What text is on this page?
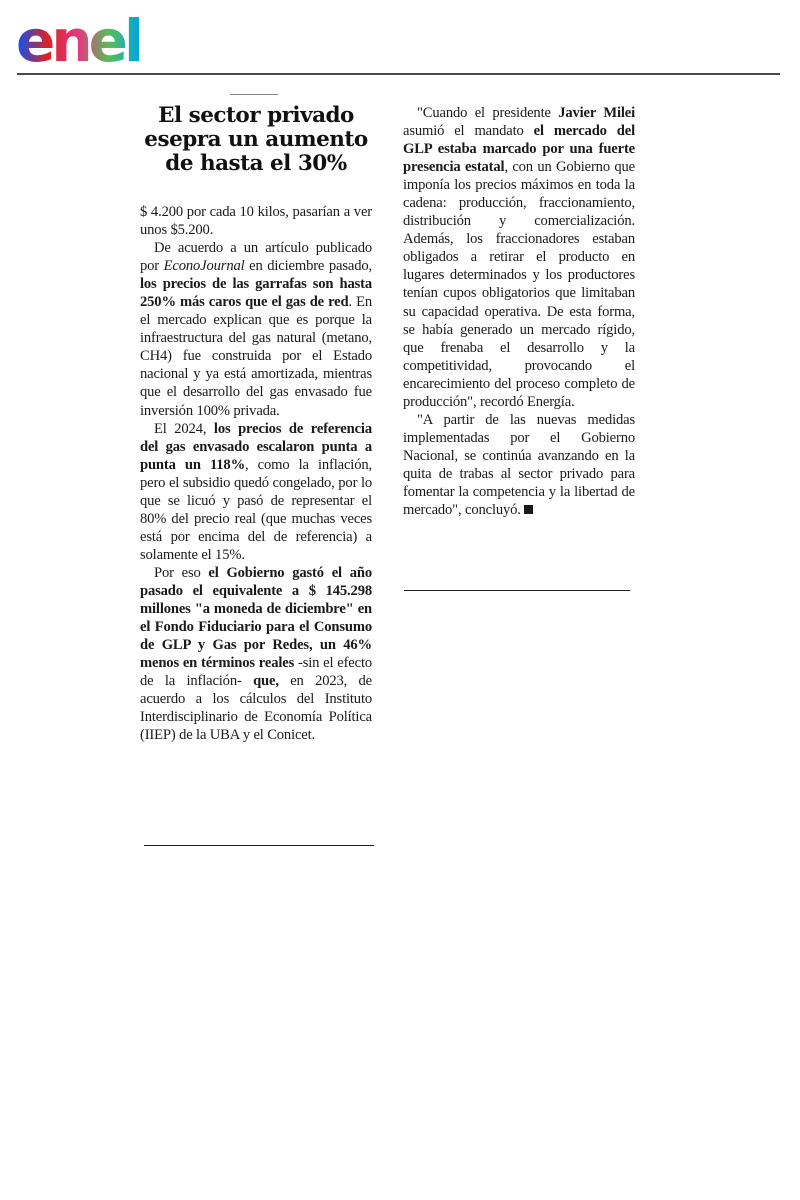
enel
El sector privado esepra un aumento de hasta el 30%

$ 4.200 por cada 10 kilos, pasarían a ver unos $5.200.

De acuerdo a un artículo publicado por EconoJournal en diciembre pasado, los precios de las garrafas son hasta 250% más caros que el gas de red. En el mercado explican que es porque la infraestructura del gas natural (metano, CH4) fue construida por el Estado nacional y ya está amortizada, mientras que el desarrollo del gas envasado fue inversión 100% privada.

El 2024, los precios de referencia del gas envasado escalaron punta a punta un 118%, como la inflación, pero el subsidio quedó congelado, por lo que se licuó y pasó de representar el 80% del precio real (que muchas veces está por encima del de referencia) a solamente el 15%.

Por eso el Gobierno gastó el año pasado el equivalente a $ 145.298 millones "a moneda de diciembre" en el Fondo Fiduciario para el Consumo de GLP y Gas por Redes, un 46% menos en términos reales -sin el efecto de la inflación- que, en 2023, de acuerdo a los cálculos del Instituto Interdisciplinario de Economía Política (IIEP) de la UBA y el Conicet.

"Cuando el presidente Javier Milei asumió el mandato el mercado del GLP estaba marcado por una fuerte presencia estatal, con un Gobierno que imponía los precios máximos en toda la cadena: producción, fraccionamiento, distribución y comercialización. Además, los fraccionadores estaban obligados a retirar el producto en lugares determinados y los productores tenían cupos obligatorios que limitaban su capacidad operativa. De esta forma, se había generado un mercado rígido, que frenaba el desarrollo y la competitividad, provocando el encarecimiento del proceso completo de producción", recordó Energía.

"A partir de las nuevas medidas implementadas por el Gobierno Nacional, se continúa avanzando en la quita de trabas al sector privado para fomentar la competencia y la libertad de mercado", concluyó.
